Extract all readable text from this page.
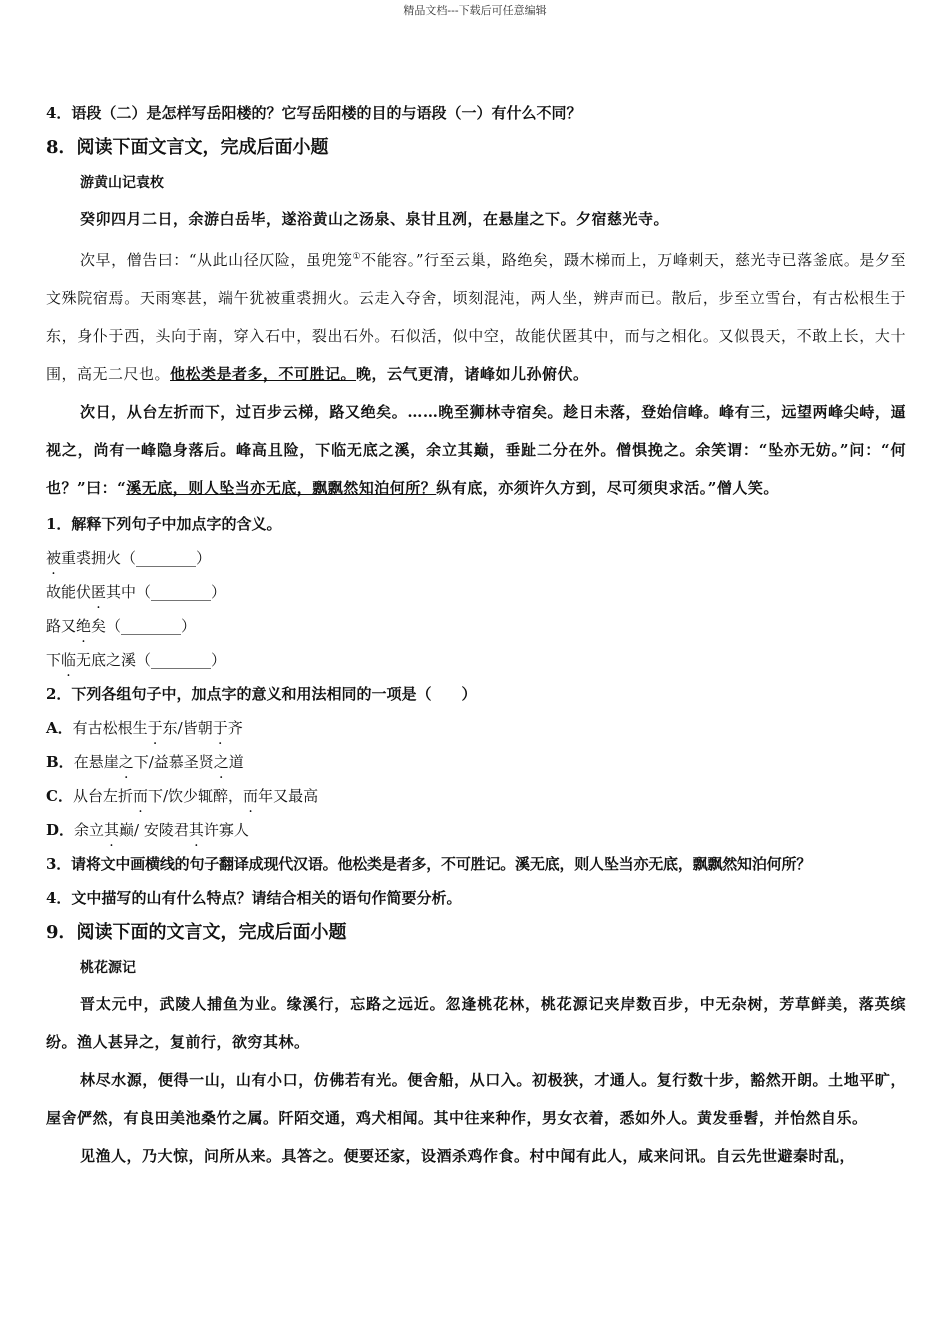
精品文档---下载后可任意编辑
4．语段（二）是怎样写岳阳楼的？它写岳阳楼的目的与语段（一）有什么不同？
8．阅读下面文言文，完成后面小题
游黄山记袁枚
癸卯四月二日，余游白岳毕，遂浴黄山之汤泉、泉甘且冽，在悬崖之下。夕宿慈光寺。
次早，僧告曰：“从此山径仄险，虽兜笼①不能容。”行至云巢，路绝矣，蹑木梯而上，万峰刺天，慈光寺已落釜底。是夕至文殊院宿焉。天雨寒甚，端午犹被重裘拥火。云走入夺舍，顷刻混沌，两人坐，辨声而已。散后，步至立雪台，有古松根生于东，身仆于西，头向于南，穿入石中，裂出石外。石似活，似中空，故能伏匿其中，而与之相化。又似畏天，不敢上长，大十围，高无二尺也。他松类是者多，不可胜记。晚，云气更清，诸峰如儿孙俯伏。
次日，从台左折而下，过百步云梯，路又绝矣。……晚至狮林寺宿矣。趁日未落，登始信峰。峰有三，远望两峰尖峙，逼视之，尚有一峰隐身落后。峰高且险，下临无底之溪，余立其巅，垂趾二分在外。僧惧挽之。余笑谓：“坠亦无妨。”问：“何也？”曰：“溪无底，则人坠当亦无底，飘飘然知泊何所？纵有底，亦须许久方到，尽可须臾求活。”僧人笑。
1．解释下列句子中加点字的含义。
被重裘拥火（________）
故能伏匿其中（________）
路又绝矣（________）
下临无底之溪（________）
2．下列各组句子中，加点字的意义和用法相同的一项是（　　）
A．有古松根生于东/皆朝于齐
B．在悬崖之下/益慕圣贤之道
C．从台左折而下/饮少辄醉，而年又最高
D．余立其巅/ 安陵君其许寡人
3．请将文中画横线的句子翻译成现代汉语。他松类是者多，不可胜记。溪无底，则人坠当亦无底，飘飘然知泊何所？
4．文中描写的山有什么特点？请结合相关的语句作简要分析。
9．阅读下面的文言文，完成后面小题
桃花源记
晋太元中，武陵人捕鱼为业。缘溪行，忘路之远近。忽逢桃花林，桃花源记夹岸数百步，中无杂树，芳草鲜美，落英缤纷。渔人甚异之，复前行，欲穷其林。
林尽水源，便得一山，山有小口，仿佛若有光。便舍船，从口入。初极狭，才通人。复行数十步，豁然开朗。土地平旷，屋舍俨然，有良田美池桑竹之属。阡陌交通，鸡犬相闻。其中往来种作，男女衣着，悉如外人。黄发垂髫，并怡然自乐。
见渔人，乃大惊，问所从来。具答之。便要还家，设酒杀鸡作食。村中闻有此人，咸来问讯。自云先世避秦时乱，
